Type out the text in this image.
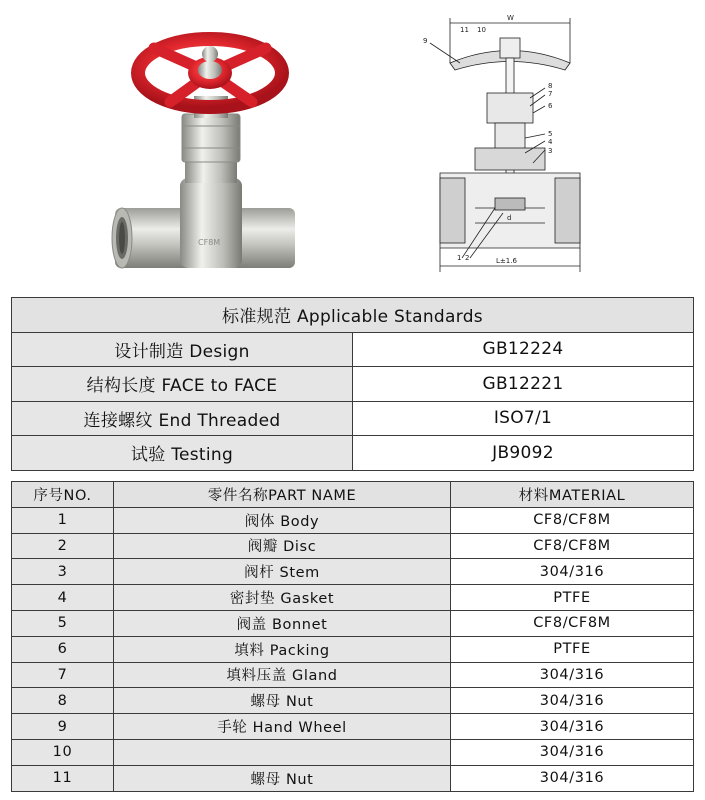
CF8M
W
L±1.6
d
1 2
3
4
5
6
7
8
9
10
11
标准规范 Applicable Standards	
设计制造 Design	GB12224
结构长度 FACE to FACE	GB12221
连接螺纹 End Threaded	ISO7/1
试验 Testing	JB9092
序号NO.	零件名称PART NAME	材料MATERIAL
1	阀体 Body	CF8/CF8M
2	阀瓣 Disc	CF8/CF8M
3	阀杆 Stem	304/316
4	密封垫 Gasket	PTFE
5	阀盖 Bonnet	CF8/CF8M
6	填料 Packing	PTFE
7	填料压盖 Gland	304/316
8	螺母 Nut	304/316
9	手轮 Hand Wheel	304/316
10		304/316
11	螺母 Nut	304/316
